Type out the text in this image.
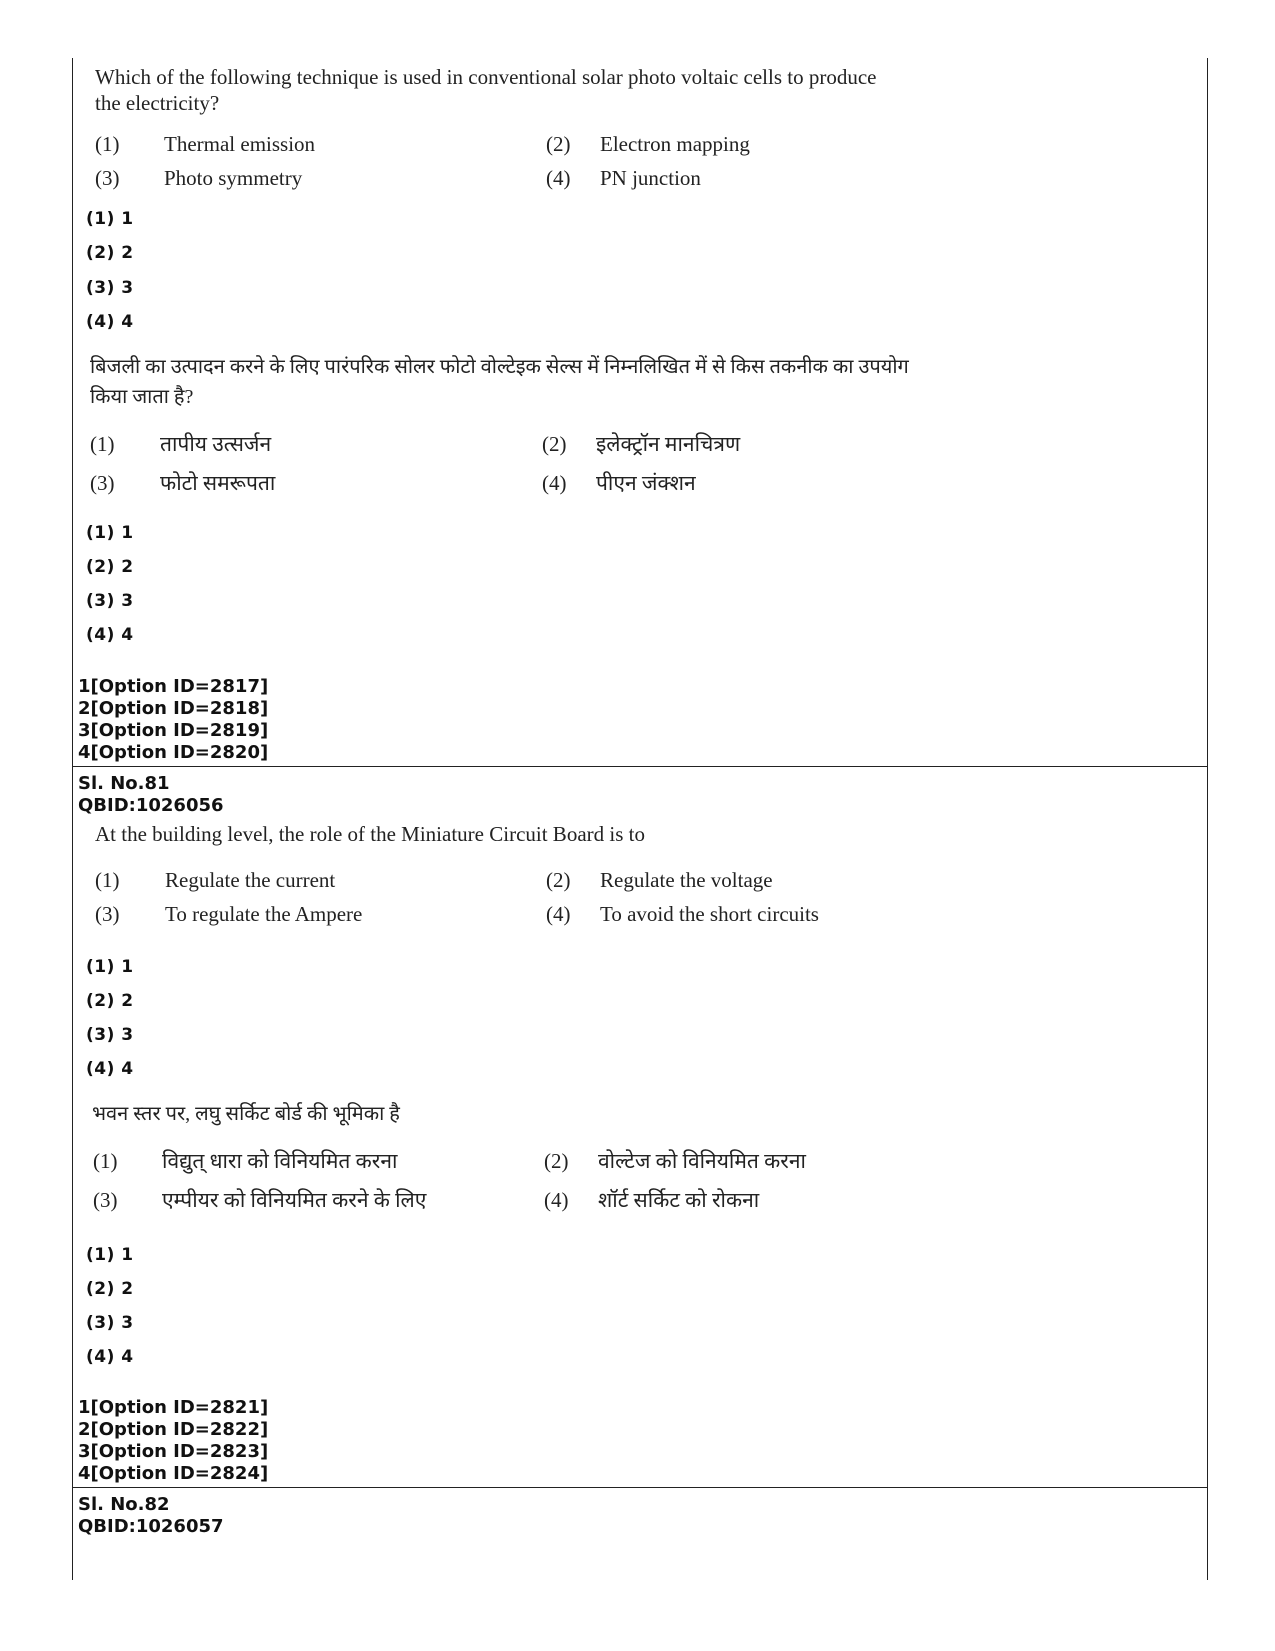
Which of the following technique is used in conventional solar photo voltaic cells to produce
the electricity?
(1) Thermal emission	(2) Electron mapping
(3) Photo symmetry	(4) PN junction
(1) 1
(2) 2
(3) 3
(4) 4
बिजली का उत्पादन करने के लिए पारंपरिक सोलर फोटो वोल्टेइक सेल्स में निम्नलिखित में से किस तकनीक का उपयोग
किया जाता है?
(1) तापीय उत्सर्जन	(2) इलेक्ट्रॉन मानचित्रण
(3) फोटो समरूपता	(4) पीएन जंक्शन
(1) 1
(2) 2
(3) 3
(4) 4
1[Option ID=2817]
2[Option ID=2818]
3[Option ID=2819]
4[Option ID=2820]
Sl. No.81
QBID:1026056
At the building level, the role of the Miniature Circuit Board is to
(1) Regulate the current	(2) Regulate the voltage
(3) To regulate the Ampere	(4) To avoid the short circuits
(1) 1
(2) 2
(3) 3
(4) 4
भवन स्तर पर, लघु सर्किट बोर्ड की भूमिका है
(1) विद्युत् धारा को विनियमित करना	(2) वोल्टेज को विनियमित करना
(3) एम्पीयर को विनियमित करने के लिए	(4) शॉर्ट सर्किट को रोकना
(1) 1
(2) 2
(3) 3
(4) 4
1[Option ID=2821]
2[Option ID=2822]
3[Option ID=2823]
4[Option ID=2824]
Sl. No.82
QBID:1026057
